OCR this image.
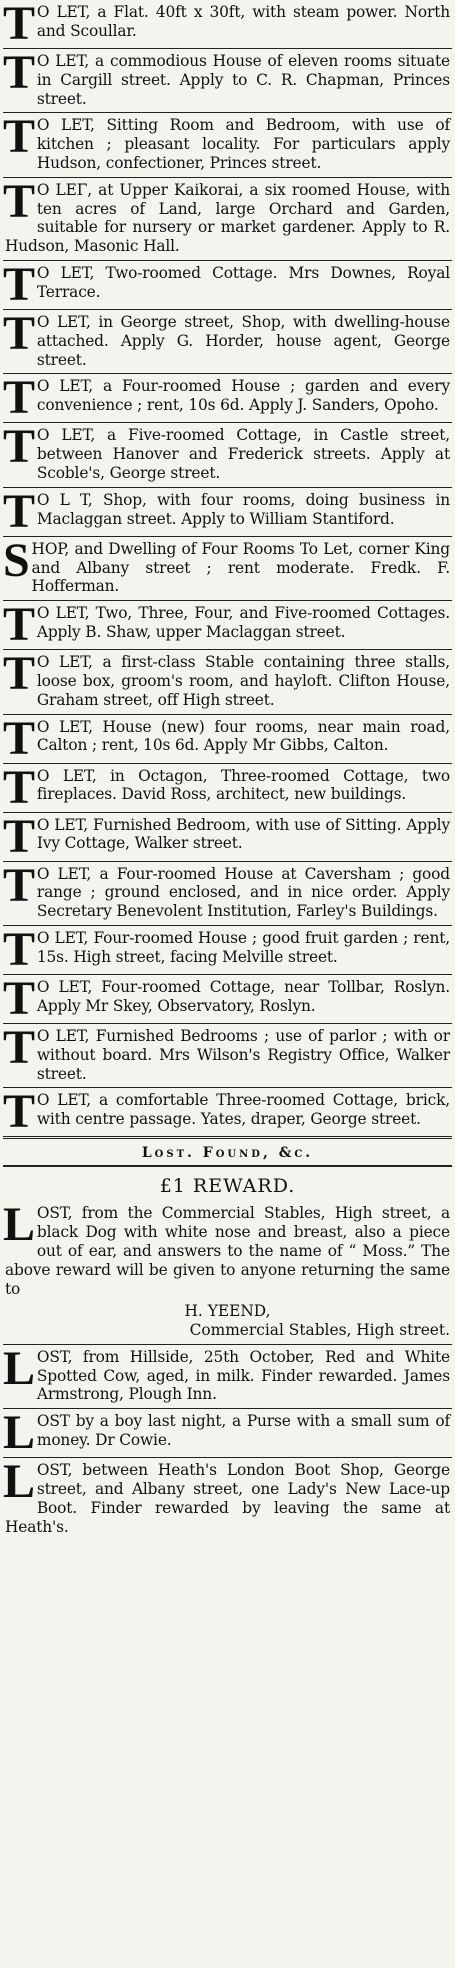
T O LET, a Flat. 40ft x 30ft, with steam power. North and Scoullar.
T O LET, a commodious House of eleven rooms situate in Cargill street. Apply to C. R. Chapman, Princes street.
T O LET, Sitting Room and Bedroom, with use of kitchen ; pleasant locality. For particulars apply Hudson, confectioner, Princes street.
T O LEΓ, at Upper Kaikorai, a six roomed House, with ten acres of Land, large Orchard and Garden, suitable for nursery or market gardener. Apply to R. Hudson, Masonic Hall.
T O LET, Two-roomed Cottage. Mrs Downes, Royal Terrace.
T O LET, in George street, Shop, with dwelling-house attached. Apply G. Horder, house agent, George street.
T O LET, a Four-roomed House ; garden and every convenience ; rent, 10s 6d. Apply J. Sanders, Opoho.
T O LET, a Five-roomed Cottage, in Castle street, between Hanover and Frederick streets. Apply at Scoble's, George street.
T O L T, Shop, with four rooms, doing business in Maclaggan street. Apply to William Stantiford.
SHOP, and Dwelling of Four Rooms To Let, corner King and Albany street ; rent moderate. Fredk. F. Hofferman.
T O LET, Two, Three, Four, and Five-roomed Cottages. Apply B. Shaw, upper Maclaggan street.
T O LET, a first-class Stable containing three stalls, loose box, groom's room, and hayloft. Clifton House, Graham street, off High street.
T O LET, House (new) four rooms, near main road, Calton ; rent, 10s 6d. Apply Mr Gibbs, Calton.
T O LET, in Octagon, Three-roomed Cottage, two fireplaces. David Ross, architect, new buildings.
T O LET, Furnished Bedroom, with use of Sitting. Apply Ivy Cottage, Walker street.
T O LET, a Four-roomed House at Caversham ; good range ; ground enclosed, and in nice order. Apply Secretary Benevolent Institution, Farley's Buildings.
T O LET, Four-roomed House ; good fruit garden ; rent, 15s. High street, facing Melville street.
T O LET, Four-roomed Cottage, near Tollbar, Roslyn. Apply Mr Skey, Observatory, Roslyn.
T O LET, Furnished Bedrooms ; use of parlor ; with or without board. Mrs Wilson's Registry Office, Walker street.
T O LET, a comfortable Three-roomed Cottage, brick, with centre passage. Yates, draper, George street.
Lost. Found, &c.
£1 REWARD.
LOST, from the Commercial Stables, High street, a black Dog with white nose and breast, also a piece out of ear, and answers to the name of “ Moss.” The above reward will be given to anyone returning the same to
H. YEEND,
Commercial Stables, High street.
LOST, from Hillside, 25th October, Red and White Spotted Cow, aged, in milk. Finder rewarded. James Armstrong, Plough Inn.
LOST by a boy last night, a Purse with a small sum of money. Dr Cowie.
LOST, between Heath's London Boot Shop, George street, and Albany street, one Lady's New Lace-up Boot. Finder rewarded by leaving the same at Heath's.
